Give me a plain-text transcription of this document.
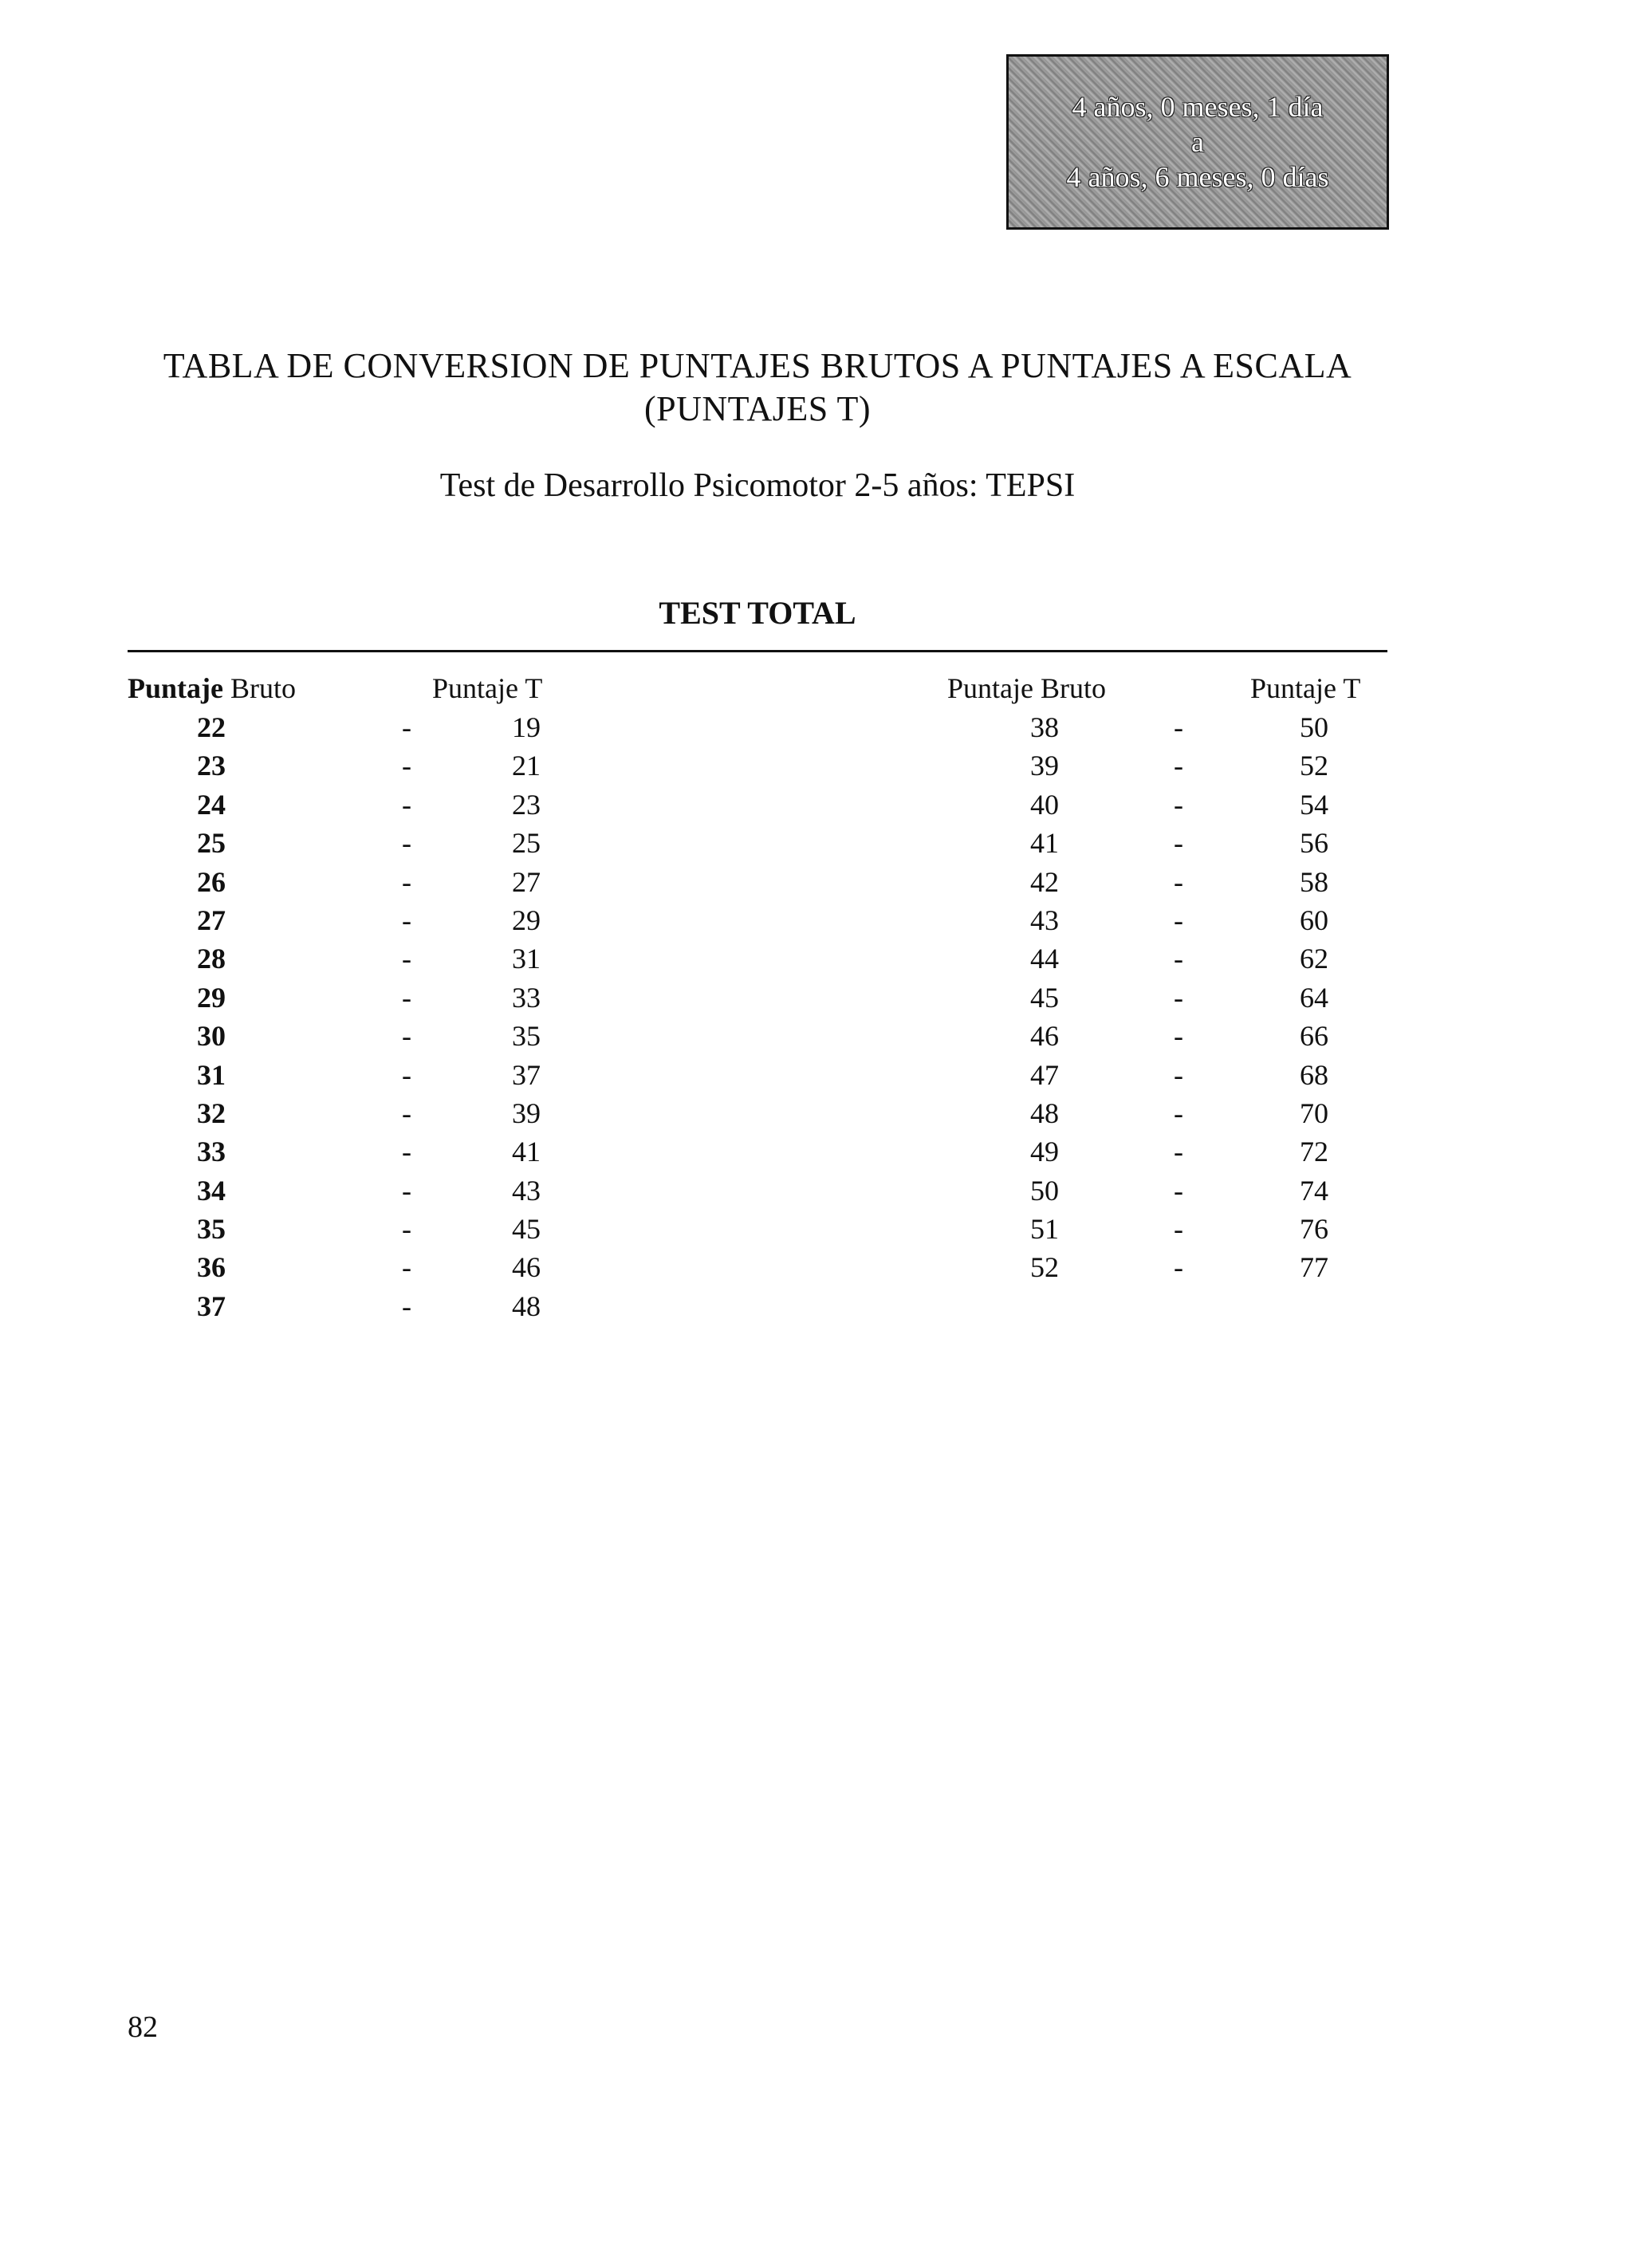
4 años, 0 meses, 1 día
a
4 años, 6 meses, 0 días
TABLA DE CONVERSION DE PUNTAJES BRUTOS A PUNTAJES A ESCALA (PUNTAJES T)
Test de Desarrollo Psicomotor 2-5 años: TEPSI
TEST TOTAL
Puntaje Bruto	Puntaje T	Puntaje Bruto	Puntaje T
22	-	19
23	-	21
24	-	23
25	-	25
26	-	27
27	-	29
28	-	31
29	-	33
30	-	35
31	-	37
32	-	39
33	-	41
34	-	43
35	-	45
36	-	46
37	-	48
38	-	50
39	-	52
40	-	54
41	-	56
42	-	58
43	-	60
44	-	62
45	-	64
46	-	66
47	-	68
48	-	70
49	-	72
50	-	74
51	-	76
52	-	77
82
